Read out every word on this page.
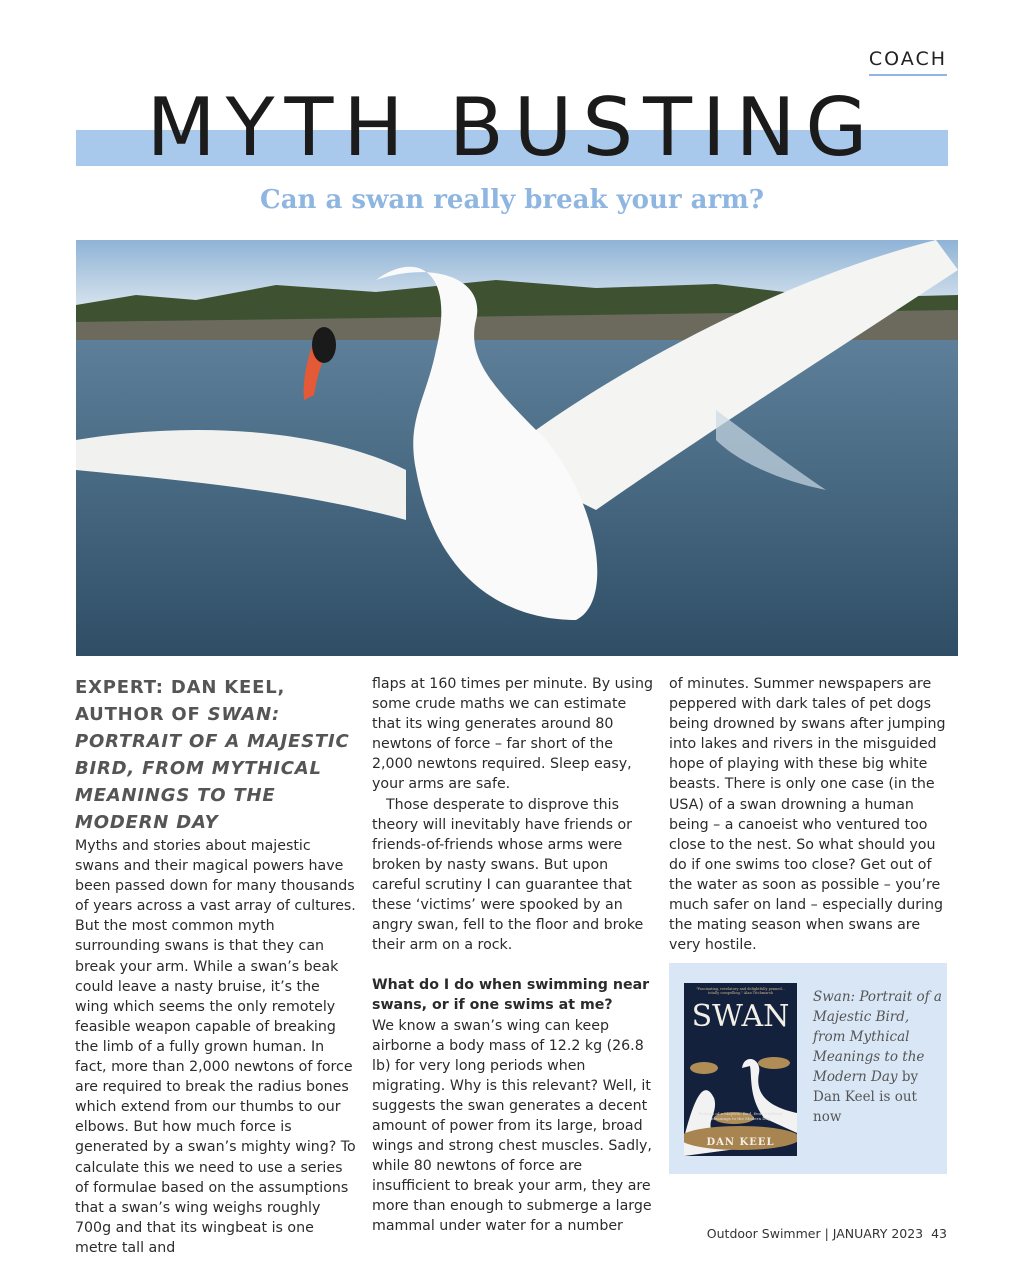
COACH
MYTH BUSTING
Can a swan really break your arm?

EXPERT: DAN KEEL, AUTHOR OF SWAN: PORTRAIT OF A MAJESTIC BIRD, FROM MYTHICAL MEANINGS TO THE MODERN DAY

Myths and stories about majestic swans and their magical powers have been passed down for many thousands of years across a vast array of cultures. But the most common myth surrounding swans is that they can break your arm. While a swan’s beak could leave a nasty bruise, it’s the wing which seems the only remotely feasible weapon capable of breaking the limb of a fully grown human. In fact, more than 2,000 newtons of force are required to break the radius bones which extend from our thumbs to our elbows. But how much force is generated by a swan’s mighty wing? To calculate this we need to use a series of formulae based on the assumptions that a swan’s wing weighs roughly 700g and that its wingbeat is one metre tall and

flaps at 160 times per minute. By using some crude maths we can estimate that its wing generates around 80 newtons of force – far short of the 2,000 newtons required. Sleep easy, your arms are safe.

Those desperate to disprove this theory will inevitably have friends or friends-of-friends whose arms were broken by nasty swans. But upon careful scrutiny I can guarantee that these ‘victims’ were spooked by an angry swan, fell to the floor and broke their arm on a rock.

What do I do when swimming near swans, or if one swims at me?

We know a swan’s wing can keep airborne a body mass of 12.2 kg (26.8 lb) for very long periods when migrating. Why is this relevant? Well, it suggests the swan generates a decent amount of power from its large, broad wings and strong chest muscles. Sadly, while 80 newtons of force are insufficient to break your arm, they are more than enough to submerge a large mammal under water for a number

of minutes. Summer newspapers are peppered with dark tales of pet dogs being drowned by swans after jumping into lakes and rivers in the misguided hope of playing with these big white beasts. There is only one case (in the USA) of a swan drowning a human being – a canoeist who ventured too close to the nest. So what should you do if one swims too close? Get out of the water as soon as possible – you’re much safer on land – especially during the mating season when swans are very hostile.

"Fascinating, revelatory and delightfully penned... totally compelling." Alan Titchmarsh
SWAN
Portrait of a Majestic Bird, from Mythical Meanings to the Modern Day
DAN KEEL
Swan: Portrait of a Majestic Bird, from Mythical Meanings to the Modern Day by Dan Keel is out now
Outdoor Swimmer | JANUARY 2023 43
